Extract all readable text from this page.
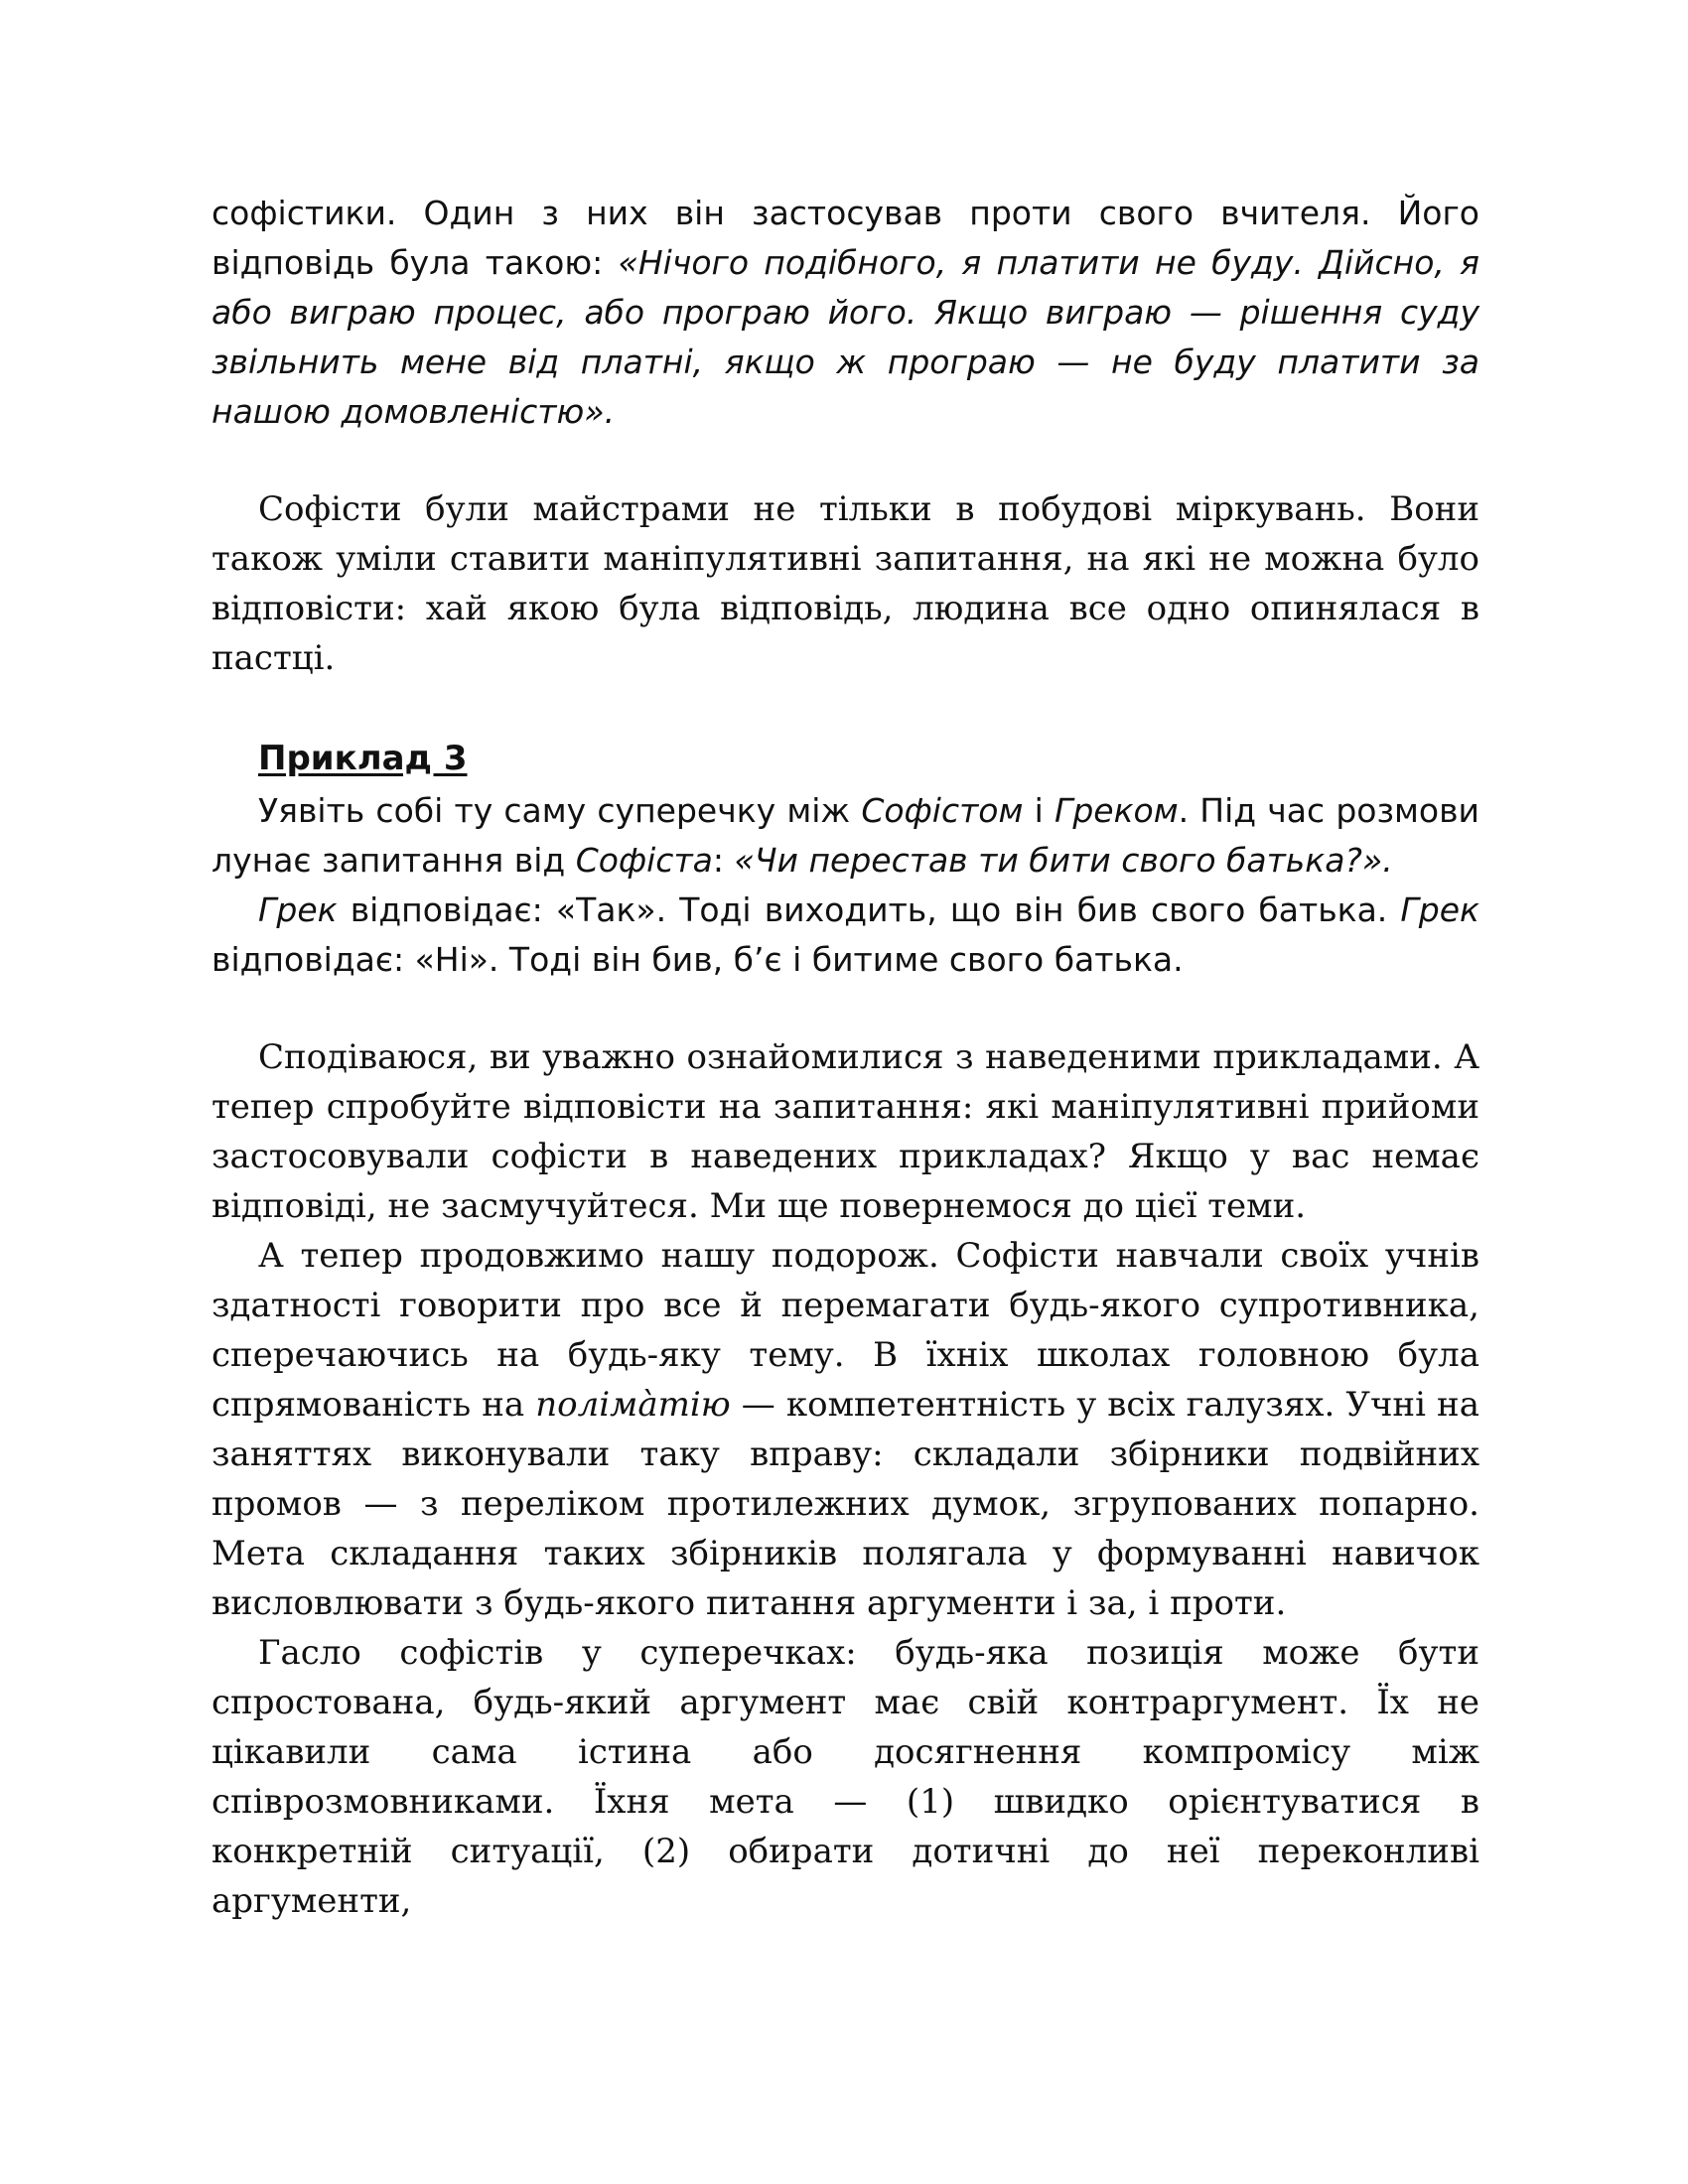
софістики. Один з них він застосував проти свого вчителя. Його відповідь була такою: «Нічого подібного, я платити не буду. Дійсно, я або виграю процес, або програю його. Якщо виграю — рішення суду звільнить мене від платні, якщо ж програю — не буду платити за нашою домовленістю».

Софісти були майстрами не тільки в побудові міркувань. Вони також уміли ставити маніпулятивні запитання, на які не можна було відповісти: хай якою була відповідь, людина все одно опинялася в пастці.

Приклад 3

Уявіть собі ту саму суперечку між Софістом і Греком. Під час розмови лунає запитання від Софіста: «Чи перестав ти бити свого батька?».

Грек відповідає: «Так». Тоді виходить, що він бив свого батька. Грек відповідає: «Ні». Тоді він бив, б’є і битиме свого батька.

Сподіваюся, ви уважно ознайомилися з наведеними прикладами. А тепер спробуйте відповісти на запитання: які маніпулятивні прийоми застосовували софісти в наведених прикладах? Якщо у вас немає відповіді, не засмучуйтеся. Ми ще повернемося до цієї теми.

А тепер продовжимо нашу подорож. Софісти навчали своїх учнів здатності говорити про все й перемагати будь-якого супротивника, сперечаючись на будь-яку тему. В їхніх школах головною була спрямованість на полімàтію — компетентність у всіх галузях. Учні на заняттях виконували таку вправу: складали збірники подвійних промов — з переліком протилежних думок, згрупованих попарно. Мета складання таких збірників полягала у формуванні навичок висловлювати з будь-якого питання аргументи і за, і проти.

Гасло софістів у суперечках: будь-яка позиція може бути спростована, будь-який аргумент має свій контраргумент. Їх не цікавили сама істина або досягнення компромісу між співрозмовниками. Їхня мета — (1) швидко орієнтуватися в конкретній ситуації, (2) обирати дотичні до неї переконливі аргументи,
